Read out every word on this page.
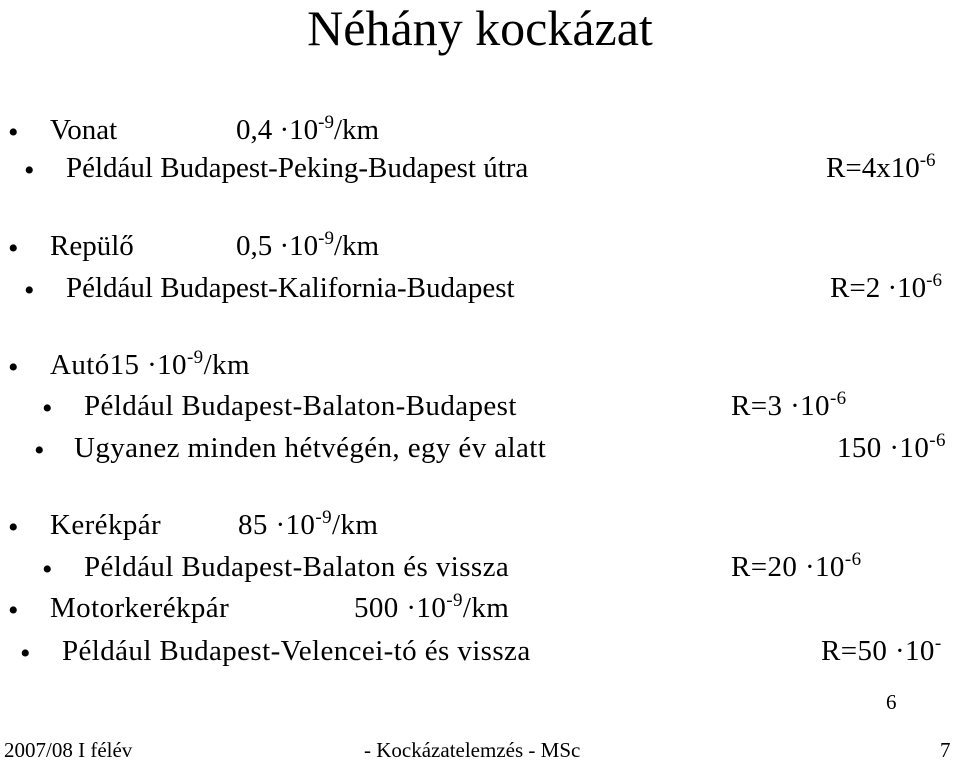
Néhány kockázat
• Vonat	$0,4 \cdot 10^{-9}/km$
• Például Budapest-Peking-Budapest útra	$R=4x10^{-6}$
• Repülő	$0,5 \cdot 10^{-9}/km$
• Például Budapest-Kalifornia-Budapest	$R=2 \cdot 10^{-6}$
• Autó15 $\cdot 10^{-9}/km$
• Például Budapest-Balaton-Budapest	$R=3 \cdot 10^{-6}$
• Ugyanez minden hétvégén, egy év alatt	$150 \cdot 10^{-6}$
• Kerékpár	$85 \cdot 10^{-9}/km$
• Például Budapest-Balaton és vissza	$R=20 \cdot 10^{-6}$
• Motorkerékpár	$500 \cdot 10^{-9}/km$
• Például Budapest-Velencei-tó és vissza	R=50 ·10-
6
2007/08 I félév	- Kockázatelemzés - MSc	7
